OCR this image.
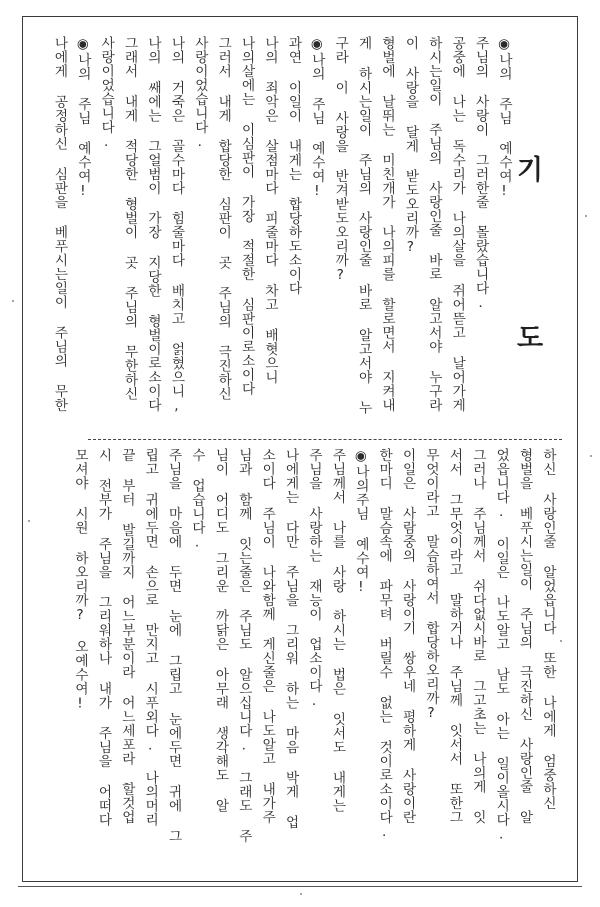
기
도
◉나의 주님 예수여!
주님의 사랑이 그러한줄 몰랐습니다.
공중에 나는 독수리가 나의살을 쥐어뜯고 날어가게
하시는일이 주님의 사랑인줄 바로 알고서야 누구라
이 사랑을 달게 받도오리까?
형벌에 날뛰는 미친개가 나의피를 할로면서 지켜내
게 하시는일이 주님의 사랑인줄 바로 알고서야 누
구라 이 사랑을 반겨받도오리까?
◉나의 주님 예수여!
과연 이일이 내게는 합당하도소이다
나의 죄악은 살점마다 피줄마다 차고 배혓으니
나의살에는 이심판이 가장 적절한 심판이로소이다
그러서 내게 합당한 심판이 곳 주님의 극진하신
사랑이었습니다.
나의 거죽은 골수마다 힘줄마다 배치고 얽혔으니,
나의 쌔에는 그얼범이 가장 지당한 형벌이로소이다
그래서 내게 적당한 형벌이 곳 주님의 무한하신
사랑이었습니다.
◉나의 주님 예수여!
나에게 공정하신 심판을 베푸시는일이 주님의 무한
하신 사랑인줄 알었읍니다 또한 나에게 엄중하신
형벌을 베푸시는일이 주님의 극진하신 사랑인줄 알
었읍니다. 이일은 나도알고 남도 아는 일이올시다.
그러나 주님께서 쉬다없시바로 그고초는 나의게 잇
서서 그무엇이라고 말하거나 주님께 잇서서 또한그
무엇이라고 말슴하여서 합당하오리까?
이일은 사람중의 사랑이기 쌍우네 평하게 사랑이란
한마디 말슴속에 파무텨 버릴수 없는 것이로소이다.
◉나의주님 예수여!
주님께서 나를 사랑 하시는 법은 잇서도 내게는
주님을 사랑하는 재능이 업소이다.
나에게는 다만 주님을 그리워 하는 마음 박게 업
소이다 주님이 나와함께 게신줄은 나도알고 내가주
님과 함께 잇는줄은 주님도 알으십니다. 그래도 주
님이 어디도 그리운 까닭은 아무래 생각해도 알
수 업습니다.
주님을 마음에 두면 눈에 그립고 눈에두면 귀에 그
립고 귀에두면 손으로 만지고 시푸외다. 나의머리
끝 부터 발길까지 어느부분이라 어느세포라 할것업
시 전부가 주님을 그리워하나 내가 주님을 어떠다
모셔야 시원 하오리까? 오예수여!
